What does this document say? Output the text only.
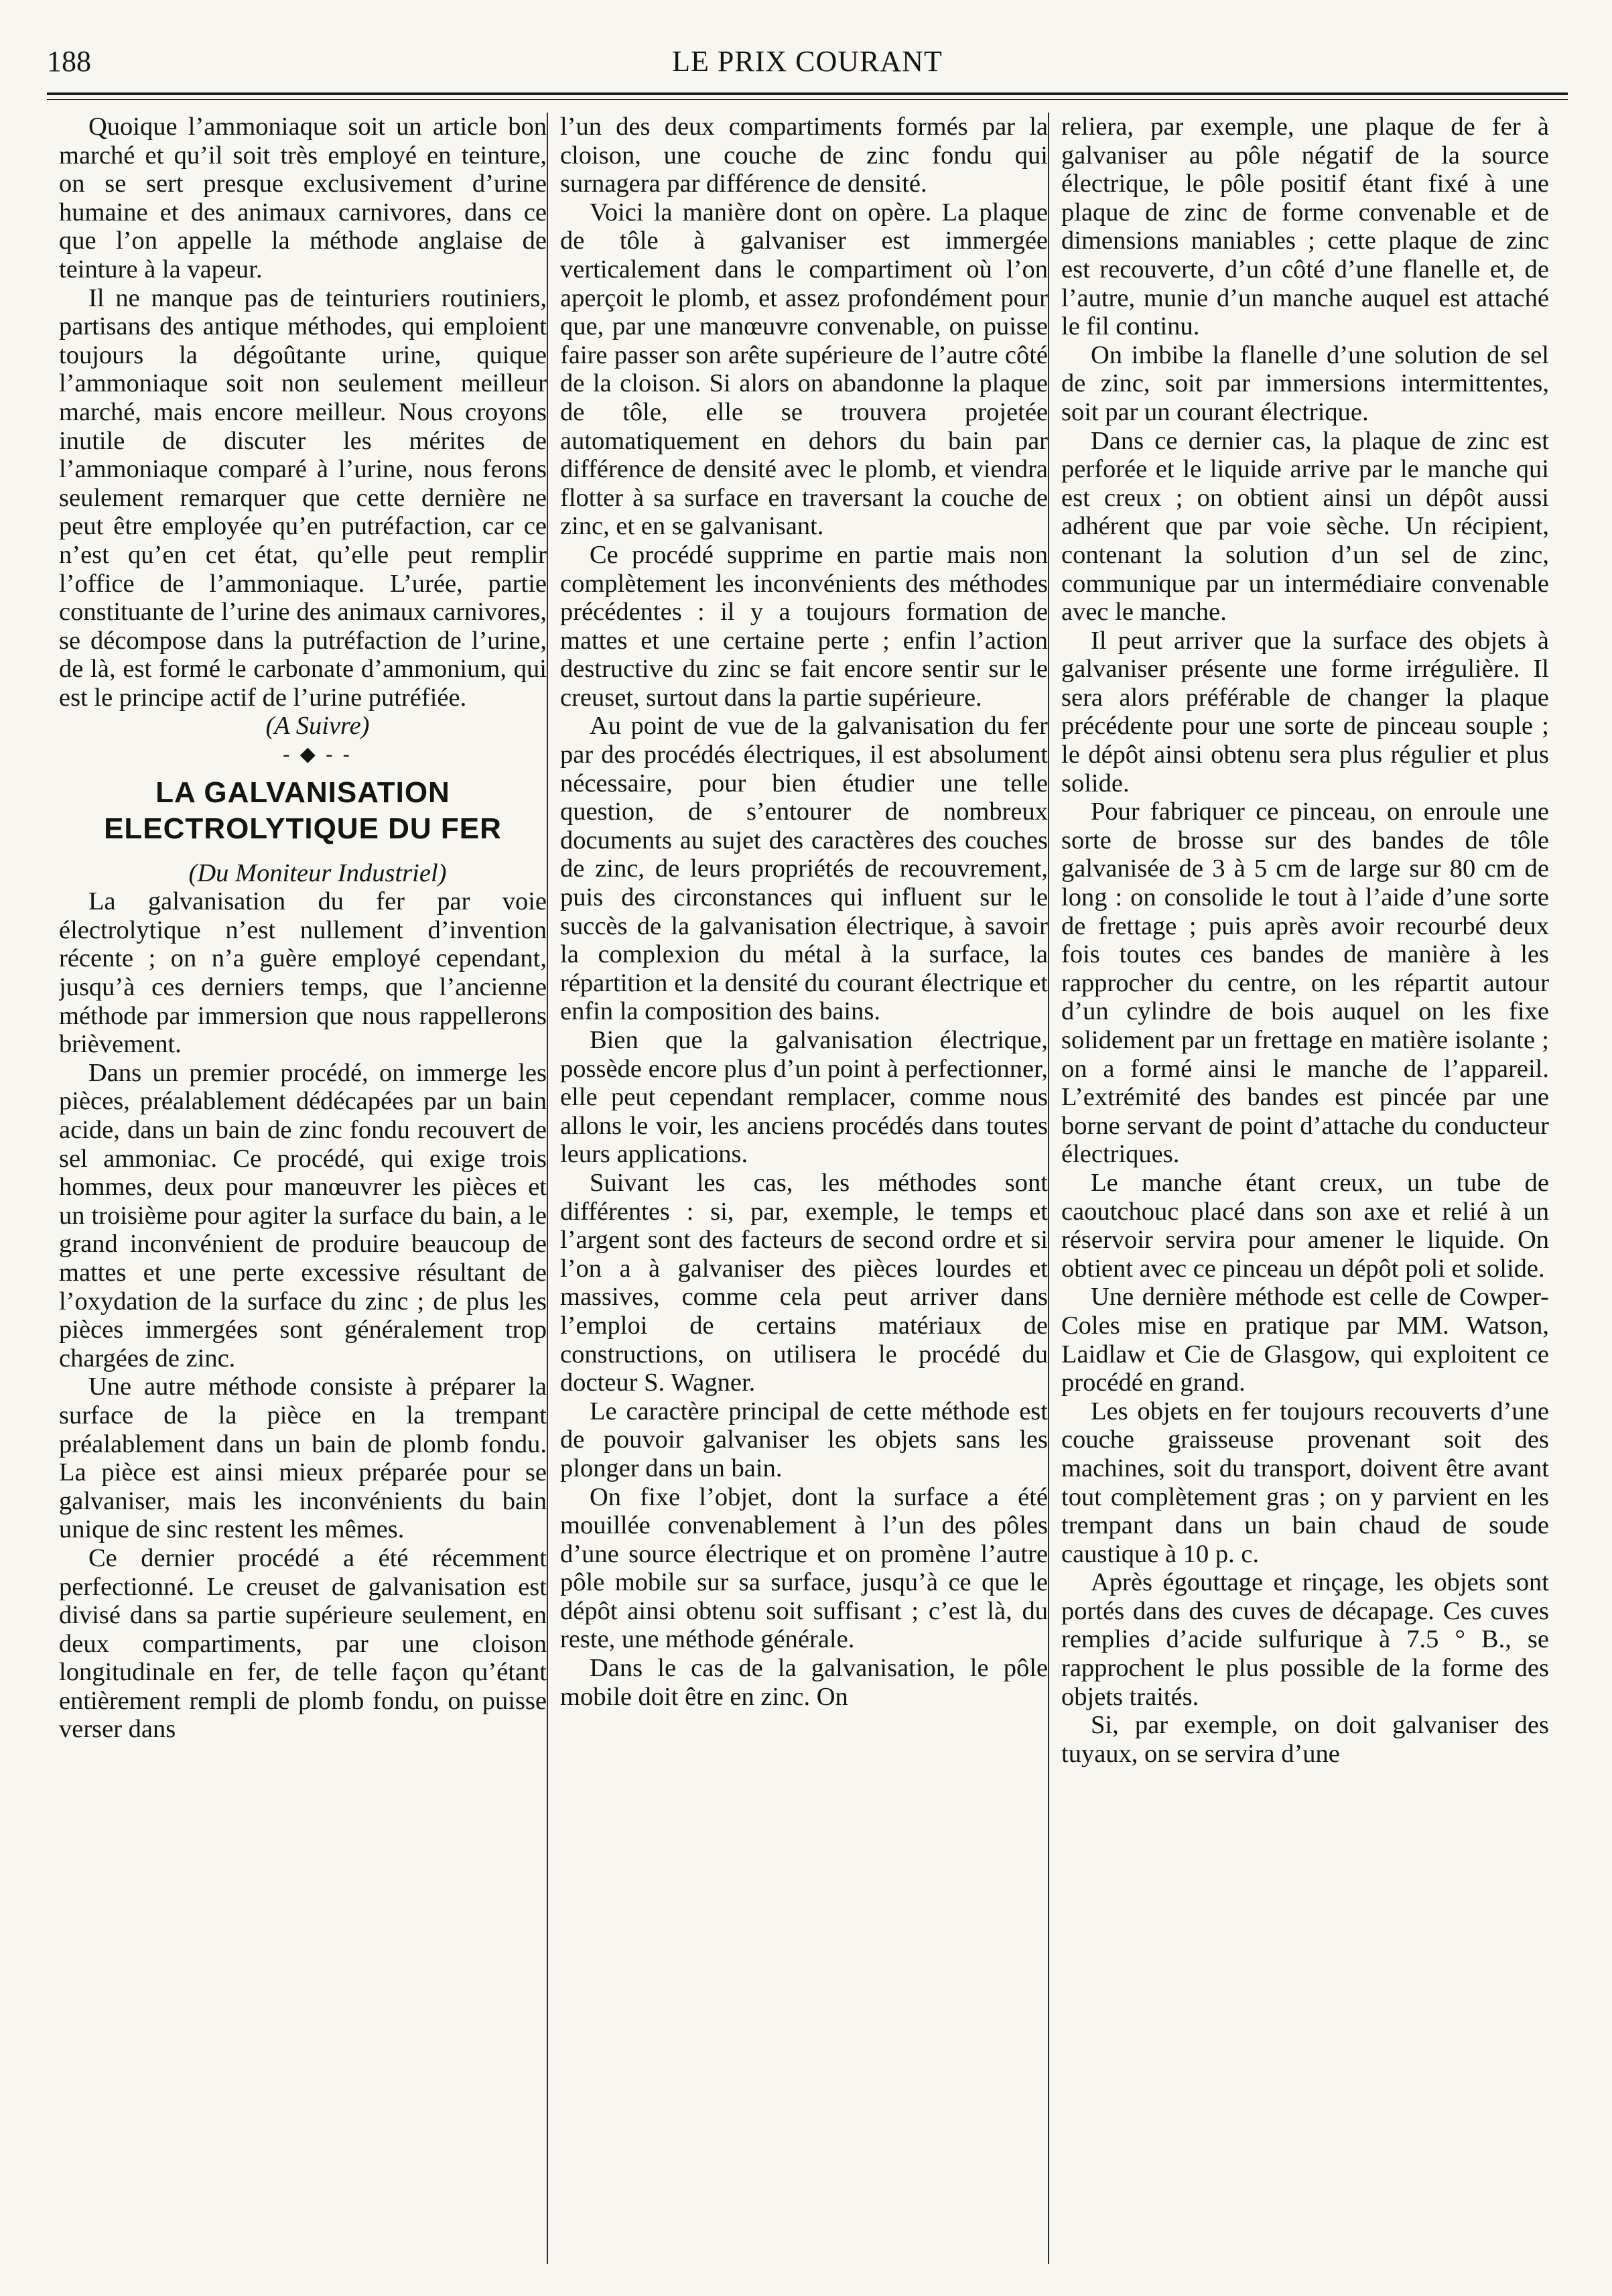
188	LE PRIX COURANT

Quoique l’ammoniaque soit un article bon marché et qu’il soit très employé en teinture, on se sert presque exclusivement d’urine humaine et des animaux carnivores, dans ce que l’on appelle la méthode anglaise de teinture à la vapeur.

Il ne manque pas de teinturiers routiniers, partisans des antique méthodes, qui emploient toujours la dégoûtante urine, quique l’ammoniaque soit non seulement meilleur marché, mais encore meilleur. Nous croyons inutile de discuter les mérites de l’ammoniaque comparé à l’urine, nous ferons seulement remarquer que cette dernière ne peut être employée qu’en putréfaction, car ce n’est qu’en cet état, qu’elle peut remplir l’office de l’ammoniaque. L’urée, partie constituante de l’urine des animaux carnivores, se décompose dans la putréfaction de l’urine, de là, est formé le carbonate d’ammonium, qui est le principe actif de l’urine putréfiée.

(A Suivre)

- ◆ - -

LA GALVANISATION ELECTROLYTIQUE DU FER

(Du Moniteur Industriel)

La galvanisation du fer par voie électrolytique n’est nullement d’invention récente ; on n’a guère employé cependant, jusqu’à ces derniers temps, que l’ancienne méthode par immersion que nous rappellerons brièvement.

Dans un premier procédé, on immerge les pièces, préalablement dédécapées par un bain acide, dans un bain de zinc fondu recouvert de sel ammoniac. Ce procédé, qui exige trois hommes, deux pour manœuvrer les pièces et un troisième pour agiter la surface du bain, a le grand inconvénient de produire beaucoup de mattes et une perte excessive résultant de l’oxydation de la surface du zinc ; de plus les pièces immergées sont généralement trop chargées de zinc.

Une autre méthode consiste à préparer la surface de la pièce en la trempant préalablement dans un bain de plomb fondu. La pièce est ainsi mieux préparée pour se galvaniser, mais les inconvénients du bain unique de sinc restent les mêmes.

Ce dernier procédé a été récemment perfectionné. Le creuset de galvanisation est divisé dans sa partie supérieure seulement, en deux compartiments, par une cloison longitudinale en fer, de telle façon qu’étant entièrement rempli de plomb fondu, on puisse verser dans

l’un des deux compartiments formés par la cloison, une couche de zinc fondu qui surnagera par différence de densité.

Voici la manière dont on opère. La plaque de tôle à galvaniser est immergée verticalement dans le compartiment où l’on aperçoit le plomb, et assez profondément pour que, par une manœuvre convenable, on puisse faire passer son arête supérieure de l’autre côté de la cloison. Si alors on abandonne la plaque de tôle, elle se trouvera projetée automatiquement en dehors du bain par différence de densité avec le plomb, et viendra flotter à sa surface en traversant la couche de zinc, et en se galvanisant.

Ce procédé supprime en partie mais non complètement les inconvénients des méthodes précédentes : il y a toujours formation de mattes et une certaine perte ; enfin l’action destructive du zinc se fait encore sentir sur le creuset, surtout dans la partie supérieure.

Au point de vue de la galvanisation du fer par des procédés électriques, il est absolument nécessaire, pour bien étudier une telle question, de s’entourer de nombreux documents au sujet des caractères des couches de zinc, de leurs propriétés de recouvrement, puis des circonstances qui influent sur le succès de la galvanisation électrique, à savoir la complexion du métal à la surface, la répartition et la densité du courant électrique et enfin la composition des bains.

Bien que la galvanisation électrique, possède encore plus d’un point à perfectionner, elle peut cependant remplacer, comme nous allons le voir, les anciens procédés dans toutes leurs applications.

Suivant les cas, les méthodes sont différentes : si, par, exemple, le temps et l’argent sont des facteurs de second ordre et si l’on a à galvaniser des pièces lourdes et massives, comme cela peut arriver dans l’emploi de certains matériaux de constructions, on utilisera le procédé du docteur S. Wagner.

Le caractère principal de cette méthode est de pouvoir galvaniser les objets sans les plonger dans un bain.

On fixe l’objet, dont la surface a été mouillée convenablement à l’un des pôles d’une source électrique et on promène l’autre pôle mobile sur sa surface, jusqu’à ce que le dépôt ainsi obtenu soit suffisant ; c’est là, du reste, une méthode générale.

Dans le cas de la galvanisation, le pôle mobile doit être en zinc. On

reliera, par exemple, une plaque de fer à galvaniser au pôle négatif de la source électrique, le pôle positif étant fixé à une plaque de zinc de forme convenable et de dimensions maniables ; cette plaque de zinc est recouverte, d’un côté d’une flanelle et, de l’autre, munie d’un manche auquel est attaché le fil continu.

On imbibe la flanelle d’une solution de sel de zinc, soit par immersions intermittentes, soit par un courant électrique.

Dans ce dernier cas, la plaque de zinc est perforée et le liquide arrive par le manche qui est creux ; on obtient ainsi un dépôt aussi adhérent que par voie sèche. Un récipient, contenant la solution d’un sel de zinc, communique par un intermédiaire convenable avec le manche.

Il peut arriver que la surface des objets à galvaniser présente une forme irrégulière. Il sera alors préférable de changer la plaque précédente pour une sorte de pinceau souple ; le dépôt ainsi obtenu sera plus régulier et plus solide.

Pour fabriquer ce pinceau, on enroule une sorte de brosse sur des bandes de tôle galvanisée de 3 à 5 cm de large sur 80 cm de long : on consolide le tout à l’aide d’une sorte de frettage ; puis après avoir recourbé deux fois toutes ces bandes de manière à les rapprocher du centre, on les répartit autour d’un cylindre de bois auquel on les fixe solidement par un frettage en matière isolante ; on a formé ainsi le manche de l’appareil. L’extrémité des bandes est pincée par une borne servant de point d’attache du conducteur électriques.

Le manche étant creux, un tube de caoutchouc placé dans son axe et relié à un réservoir servira pour amener le liquide. On obtient avec ce pinceau un dépôt poli et solide.

Une dernière méthode est celle de Cowper-Coles mise en pratique par MM. Watson, Laidlaw et Cie de Glasgow, qui exploitent ce procédé en grand.

Les objets en fer toujours recouverts d’une couche graisseuse provenant soit des machines, soit du transport, doivent être avant tout complètement gras ; on y parvient en les trempant dans un bain chaud de soude caustique à 10 p. c.

Après égouttage et rinçage, les objets sont portés dans des cuves de décapage. Ces cuves remplies d’acide sulfurique à 7.5 ° B., se rapprochent le plus possible de la forme des objets traités.

Si, par exemple, on doit galvaniser des tuyaux, on se servira d’une
